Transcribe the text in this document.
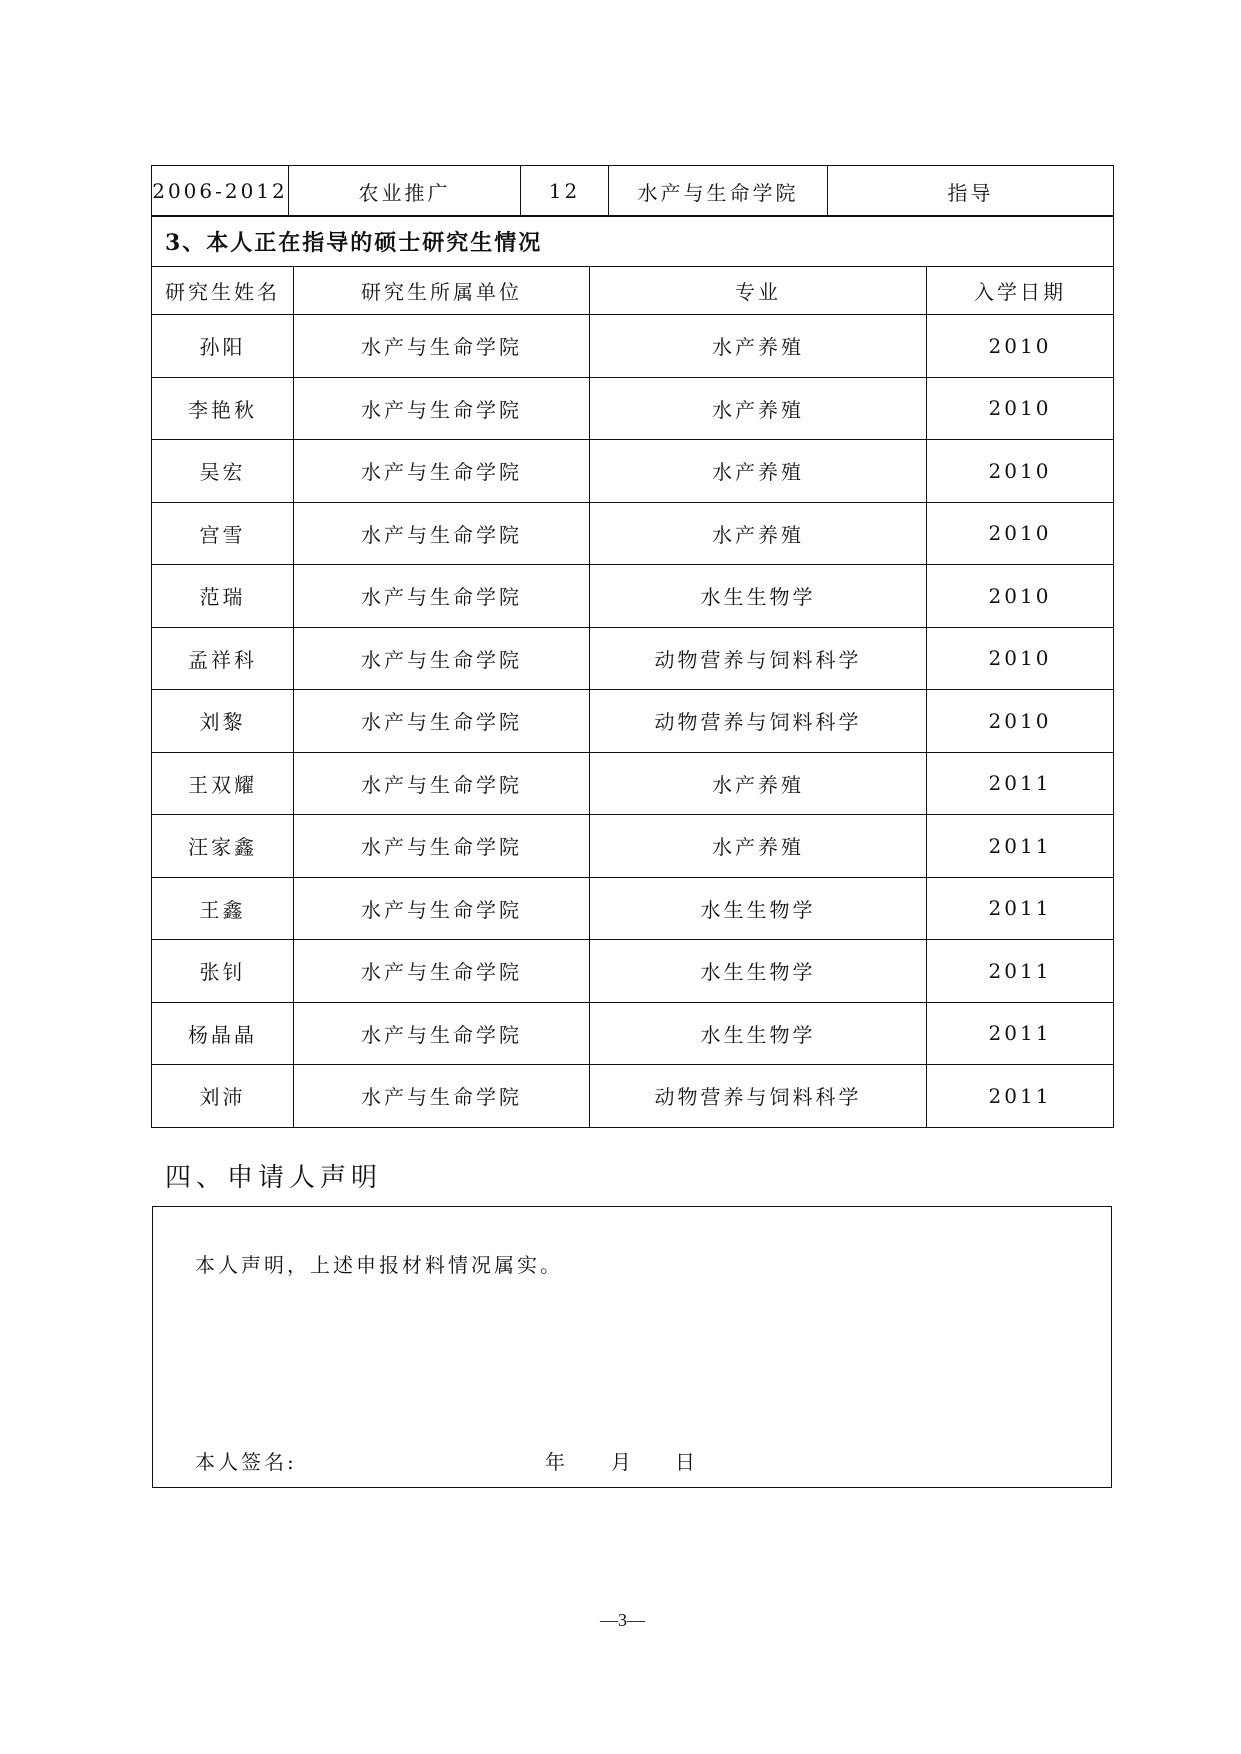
2006-2012	农业推广	12	水产与生命学院	指导
3、本人正在指导的硕士研究生情况			
研究生姓名	研究生所属单位	专业	入学日期
孙阳	水产与生命学院	水产养殖	2010
李艳秋	水产与生命学院	水产养殖	2010
吴宏	水产与生命学院	水产养殖	2010
宫雪	水产与生命学院	水产养殖	2010
范瑞	水产与生命学院	水生生物学	2010
孟祥科	水产与生命学院	动物营养与饲料科学	2010
刘黎	水产与生命学院	动物营养与饲料科学	2010
王双耀	水产与生命学院	水产养殖	2011
汪家鑫	水产与生命学院	水产养殖	2011
王鑫	水产与生命学院	水生生物学	2011
张钊	水产与生命学院	水生生物学	2011
杨晶晶	水产与生命学院	水生生物学	2011
刘沛	水产与生命学院	动物营养与饲料科学	2011
四、申请人声明
本人声明，上述申报材料情况属实。
本人签名:	年 月 日
—3—
